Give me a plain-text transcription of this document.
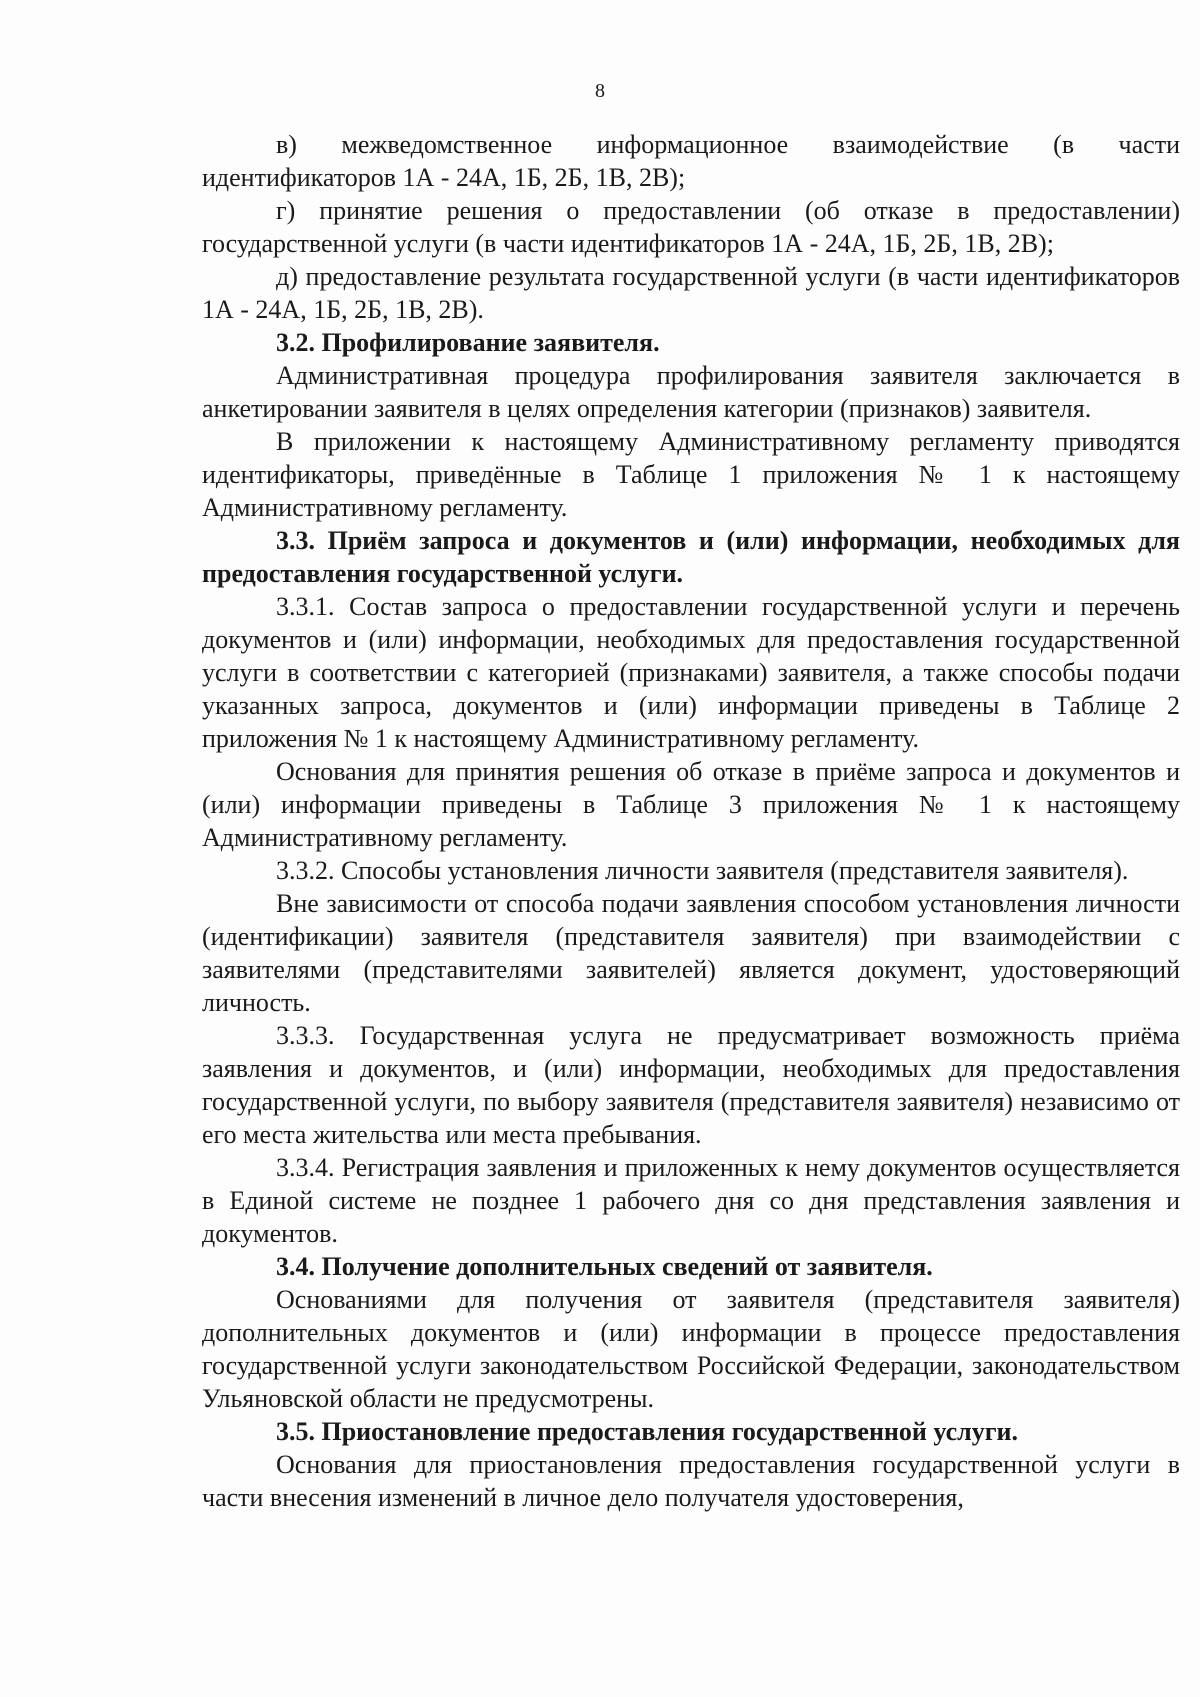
8

в) межведомственное информационное взаимодействие (в части идентификаторов 1А - 24А, 1Б, 2Б, 1В, 2В);

г) принятие решения о предоставлении (об отказе в предоставлении) государственной услуги (в части идентификаторов 1А - 24А, 1Б, 2Б, 1В, 2В);

д) предоставление результата государственной услуги (в части идентификаторов 1А - 24А, 1Б, 2Б, 1В, 2В).

3.2. Профилирование заявителя.

Административная процедура профилирования заявителя заключается в анкетировании заявителя в целях определения категории (признаков) заявителя.

В приложении к настоящему Административному регламенту приводятся идентификаторы, приведённые в Таблице 1 приложения № 1 к настоящему Административному регламенту.

3.3. Приём запроса и документов и (или) информации, необходимых для предоставления государственной услуги.

3.3.1. Состав запроса о предоставлении государственной услуги и перечень документов и (или) информации, необходимых для предоставления государственной услуги в соответствии с категорией (признаками) заявителя, а также способы подачи указанных запроса, документов и (или) информации приведены в Таблице 2 приложения № 1 к настоящему Административному регламенту.

Основания для принятия решения об отказе в приёме запроса и документов и (или) информации приведены в Таблице 3 приложения № 1 к настоящему Административному регламенту.

3.3.2. Способы установления личности заявителя (представителя заявителя).

Вне зависимости от способа подачи заявления способом установления личности (идентификации) заявителя (представителя заявителя) при взаимодействии с заявителями (представителями заявителей) является документ, удостоверяющий личность.

3.3.3. Государственная услуга не предусматривает возможность приёма заявления и документов, и (или) информации, необходимых для предоставления государственной услуги, по выбору заявителя (представителя заявителя) независимо от его места жительства или места пребывания.

3.3.4. Регистрация заявления и приложенных к нему документов осуществляется в Единой системе не позднее 1 рабочего дня со дня представления заявления и документов.

3.4. Получение дополнительных сведений от заявителя.

Основаниями для получения от заявителя (представителя заявителя) дополнительных документов и (или) информации в процессе предоставления государственной услуги законодательством Российской Федерации, законодательством Ульяновской области не предусмотрены.

3.5. Приостановление предоставления государственной услуги.

Основания для приостановления предоставления государственной услуги в части внесения изменений в личное дело получателя удостоверения,
